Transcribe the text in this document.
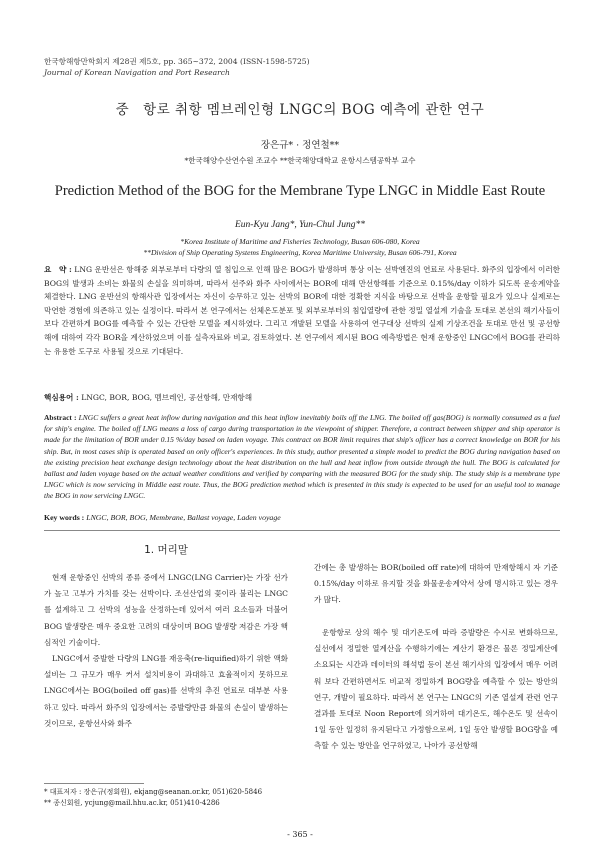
한국항해항만학회지 제28권 제5호, pp. 365~372, 2004 (ISSN-1598-5725)
Journal of Korean Navigation and Port Research
중　항로 취항 멤브레인형 LNGC의 BOG 예측에 관한 연구
장은규* · 정연철**
*한국해양수산연수원 조교수 **한국해양대학교 운항시스템공학부 교수
Prediction Method of the BOG for the Membrane Type LNGC in Middle East Route
Eun-Kyu Jang*, Yun-Chul Jung**
*Korea Institute of Maritime and Fisheries Technology, Busan 606-080, Korea
**Division of Ship Operating Systems Engineering, Korea Maritime University, Busan 606-791, Korea
요　약 : LNG 운반선은 항해중 외부로부터 다량의 열 침입으로 인해 많은 BOG가 발생하며 통상 이는 선박엔진의 연료로 사용된다. 화주의 입장에서 이러한 BOG의 발생과 소비는 화물의 손실을 의미하며, 따라서 선주와 화주 사이에서는 BOR에 대해 만선항해를 기준으로 0.15%/day 이하가 되도록 운송계약을 체결한다. LNG 운반선의 항해사관 입장에서는 자신이 승무하고 있는 선박의 BOR에 대한 정확한 지식을 바탕으로 선박을 운항할 필요가 있으나 실제로는 막연한 경험에 의존하고 있는 실정이다. 따라서 본 연구에서는 선체온도분포 및 외부로부터의 침입열량에 관한 정밀 열설계 기술을 토대로 본선의 해기사들이 보다 간편하게 BOG를 예측할 수 있는 간단한 모델을 제시하였다. 그리고 개발된 모델을 사용하여 연구대상 선박의 실제 기상조건을 토대로 만선 및 공선항해에 대하여 각각 BOR을 계산하였으며 이를 실측자료와 비교, 검토하였다. 본 연구에서 제시된 BOG 예측방법은 현재 운항중인 LNGC에서 BOG를 관리하는 유용한 도구로 사용될 것으로 기대된다.
핵심용어 : LNGC, BOR, BOG, 멤브레인, 공선항해, 만재항해
Abstract : LNGC suffers a great heat inflow during navigation and this heat inflow inevitably boils off the LNG. The boiled off gas(BOG) is normally consumed as a fuel for ship's engine. The boiled off LNG means a loss of cargo during transportation in the viewpoint of shipper. Therefore, a contract between shipper and ship operator is made for the limitation of BOR under 0.15 %/day based on laden voyage. This contract on BOR limit requires that ship's officer has a correct knowledge on BOR for his ship. But, in most cases ship is operated based on only officer's experiences. In this study, author presented a simple model to predict the BOG during navigation based on the existing precision heat exchange design technology about the heat distribution on the hull and heat inflow from outside through the hull. The BOG is calculated for ballast and laden voyage based on the actual weather conditions and verified by comparing with the measured BOG for the study ship. The study ship is a membrane type LNGC which is now servicing in Middle east route. Thus, the BOG prediction method which is presented in this study is expected to be used for an useful tool to manage the BOG in now servicing LNGC.
Key words : LNGC, BOR, BOG, Membrane, Ballast voyage, Laden voyage
1. 머리말

현재 운항중인 선박의 종류 중에서 LNGC(LNG Carrier)는 가장 선가가 높고 고부가 가치를 갖는 선박이다. 조선산업의 꽃이라 불리는 LNGC를 설계하고 그 선박의 성능을 산정하는데 있어서 여러 요소들과 더불어 BOG 발생량은 매우 중요한 고려의 대상이며 BOG 발생량 저감은 가장 핵심적인 기술이다.

LNGC에서 증발한 다량의 LNG를 재응축(re-liquified)하기 위한 액화설비는 그 규모가 매우 커서 설치비용이 과대하고 효율적이지 못하므로 LNGC에서는 BOG(boiled off gas)를 선박의 추진 연료로 대부분 사용하고 있다. 따라서 화주의 입장에서는 증발량만큼 화물의 손실이 발생하는 것이므로, 운항선사와 화주

간에는 총 발생하는 BOR(boiled off rate)에 대하여 만재항해시 자 기준 0.15%/day 이하로 유지할 것을 화물운송계약서 상에 명시하고 있는 경우가 많다.

운항항로 상의 해수 및 대기온도에 따라 증발량은 수시로 변화하므로, 실선에서 정밀한 열계산을 수행하기에는 계산기 환경은 물론 정밀계산에 소요되는 시간과 데이터의 해석법 등이 본선 해기사의 입장에서 매우 어려워 보다 간편하면서도 비교적 정밀하게 BOG량을 예측할 수 있는 방안의 연구, 개발이 필요하다. 따라서 본 연구는 LNGC의 기존 열설계 관련 연구결과를 토대로 Noon Report에 의거하여 대기온도, 해수온도 및 선속이 1일 동안 일정히 유지된다고 가정함으로써, 1일 동안 발생할 BOG량을 예측할 수 있는 방안을 연구하였고, 나아가 공선항해

* 대표저자 : 장은규(정회원), ekjang@seanan.or.kr, 051)620-5846
** 종신회원, ycjung@mail.hhu.ac.kr, 051)410-4286
- 365 -
